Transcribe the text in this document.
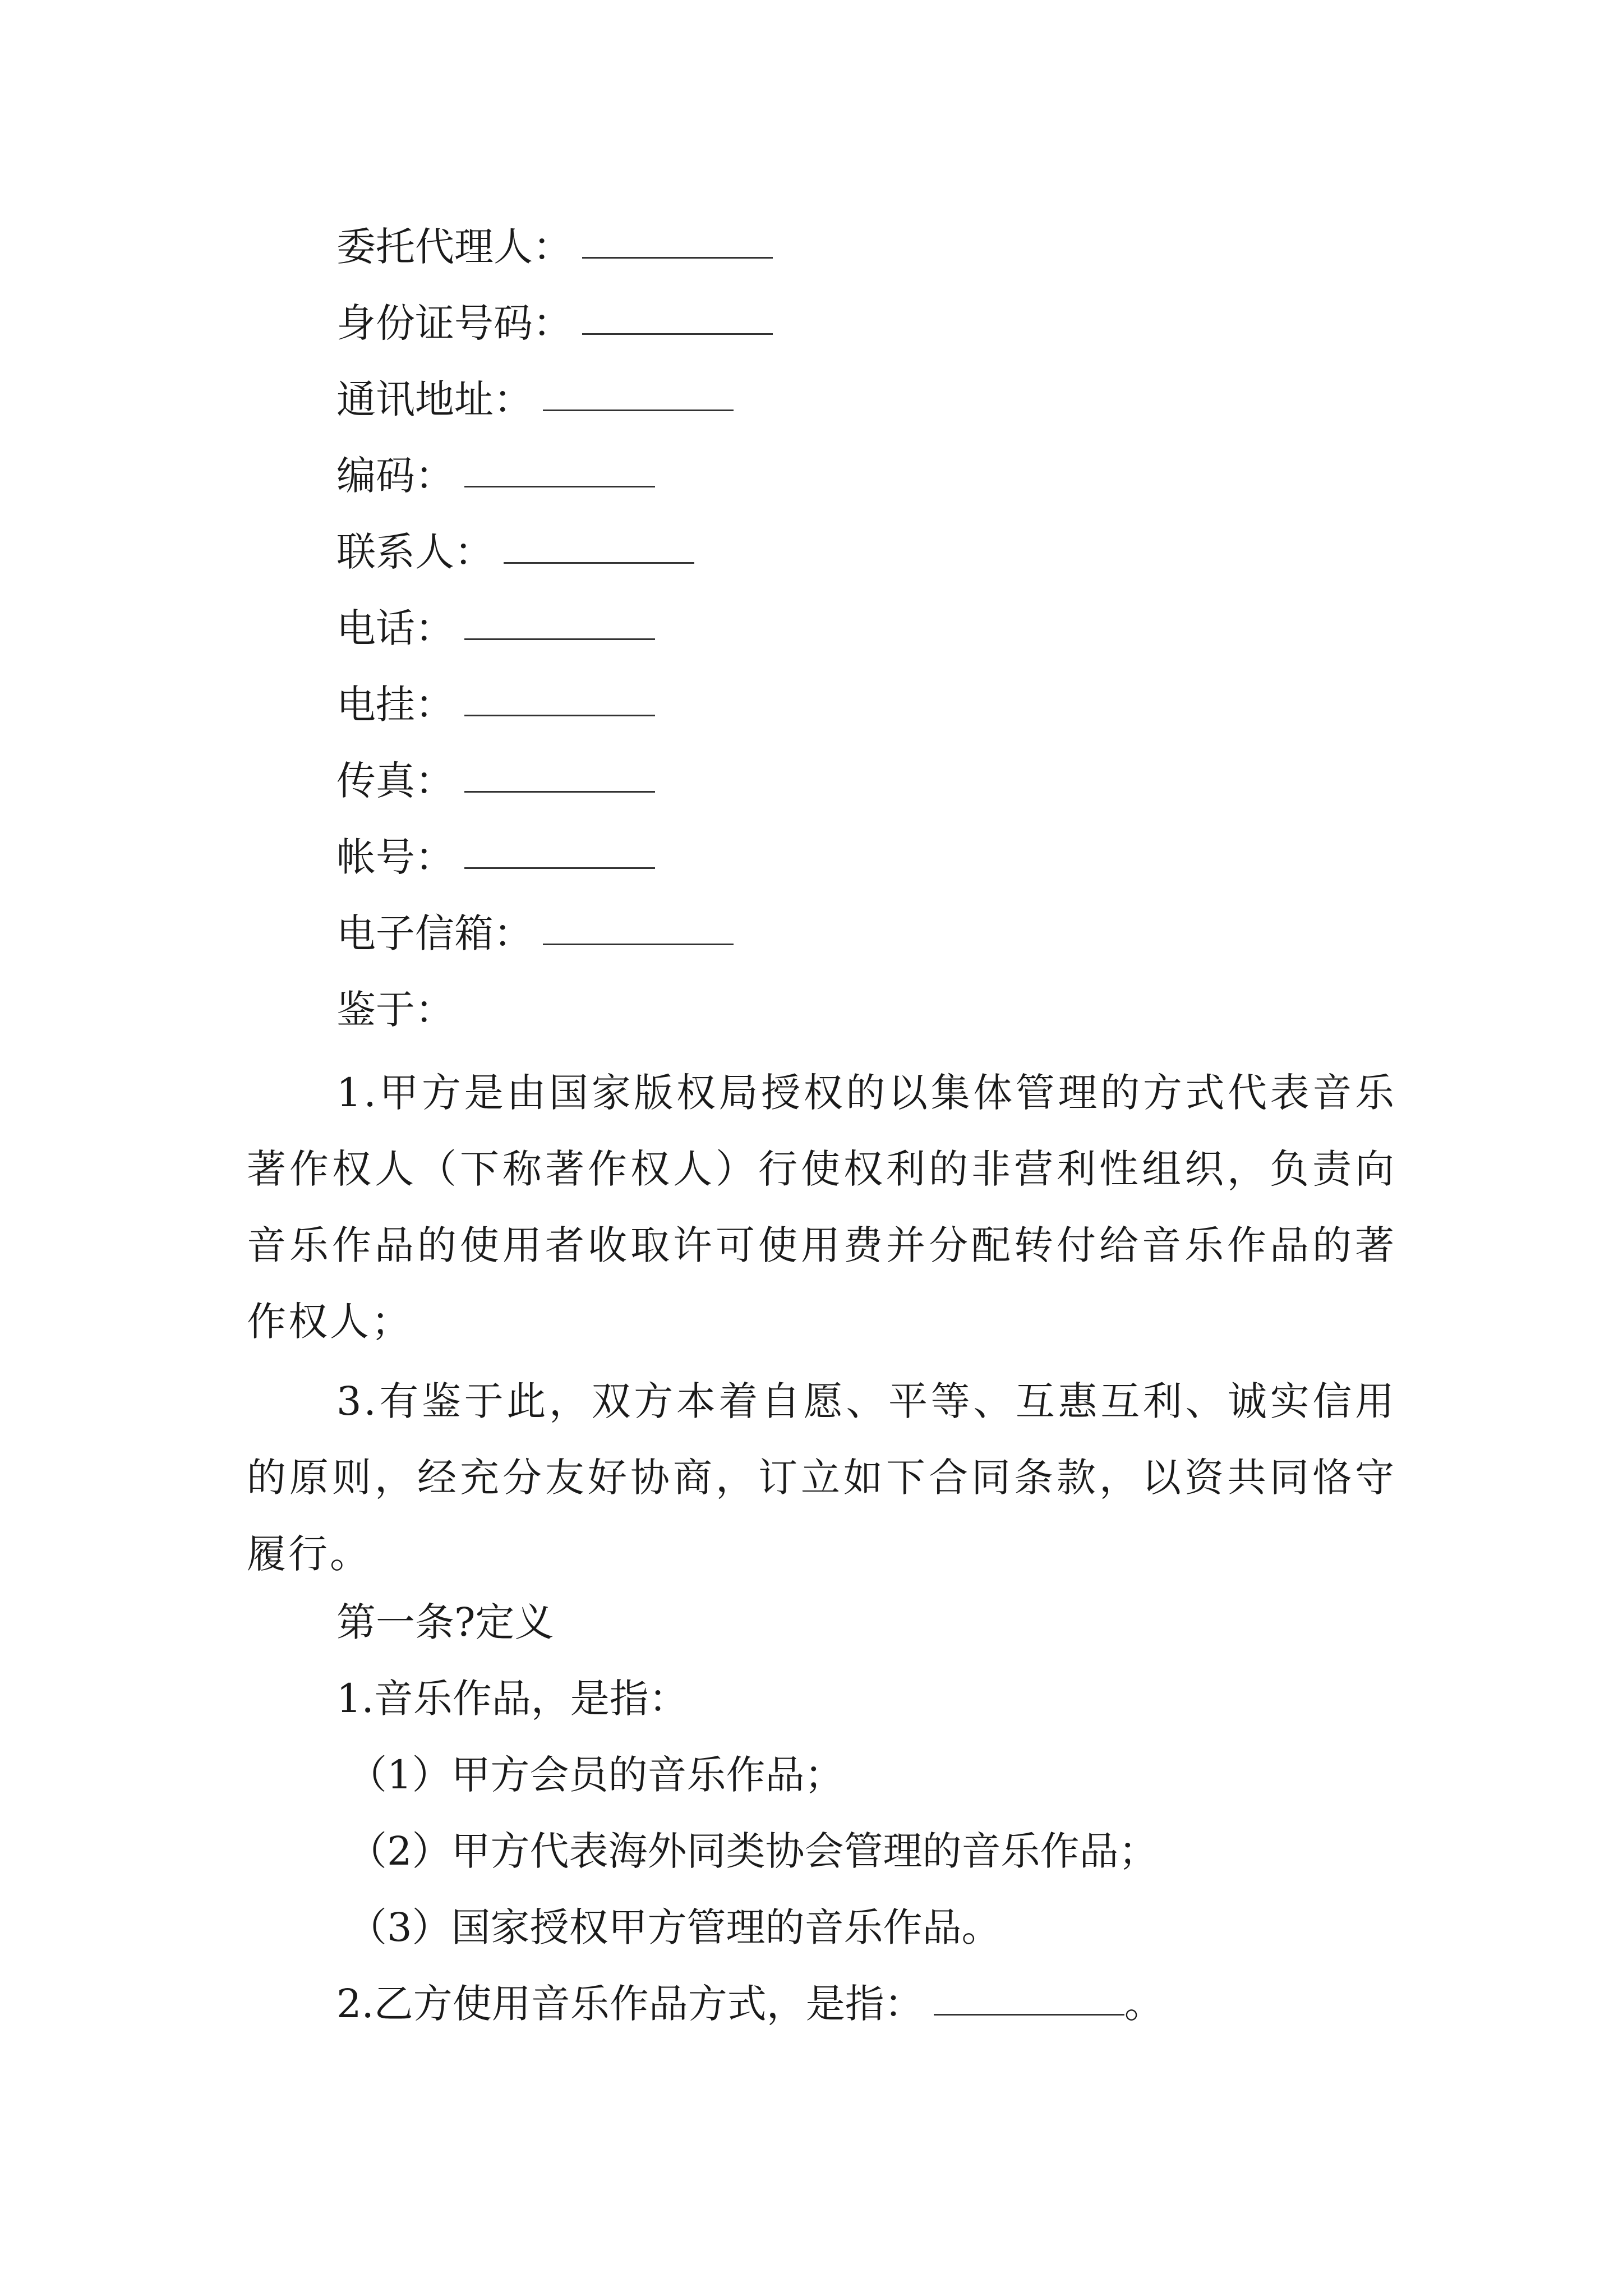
委托代理人：
身份证号码：
通讯地址：
编码：
联系人：
电话：
电挂：
传真：
帐号：
电子信箱：
鉴于：
1.甲方是由国家版权局授权的以集体管理的方式代表音乐著作权人（下称著作权人）行使权利的非营利性组织，负责向音乐作品的使用者收取许可使用费并分配转付给音乐作品的著作权人；
3.有鉴于此，双方本着自愿、平等、互惠互利、诚实信用的原则，经充分友好协商，订立如下合同条款，以资共同恪守履行。
第一条?定义
1.音乐作品，是指：
（1）甲方会员的音乐作品；
（2）甲方代表海外同类协会管理的音乐作品；
（3）国家授权甲方管理的音乐作品。
2.乙方使用音乐作品方式，是指：	。
